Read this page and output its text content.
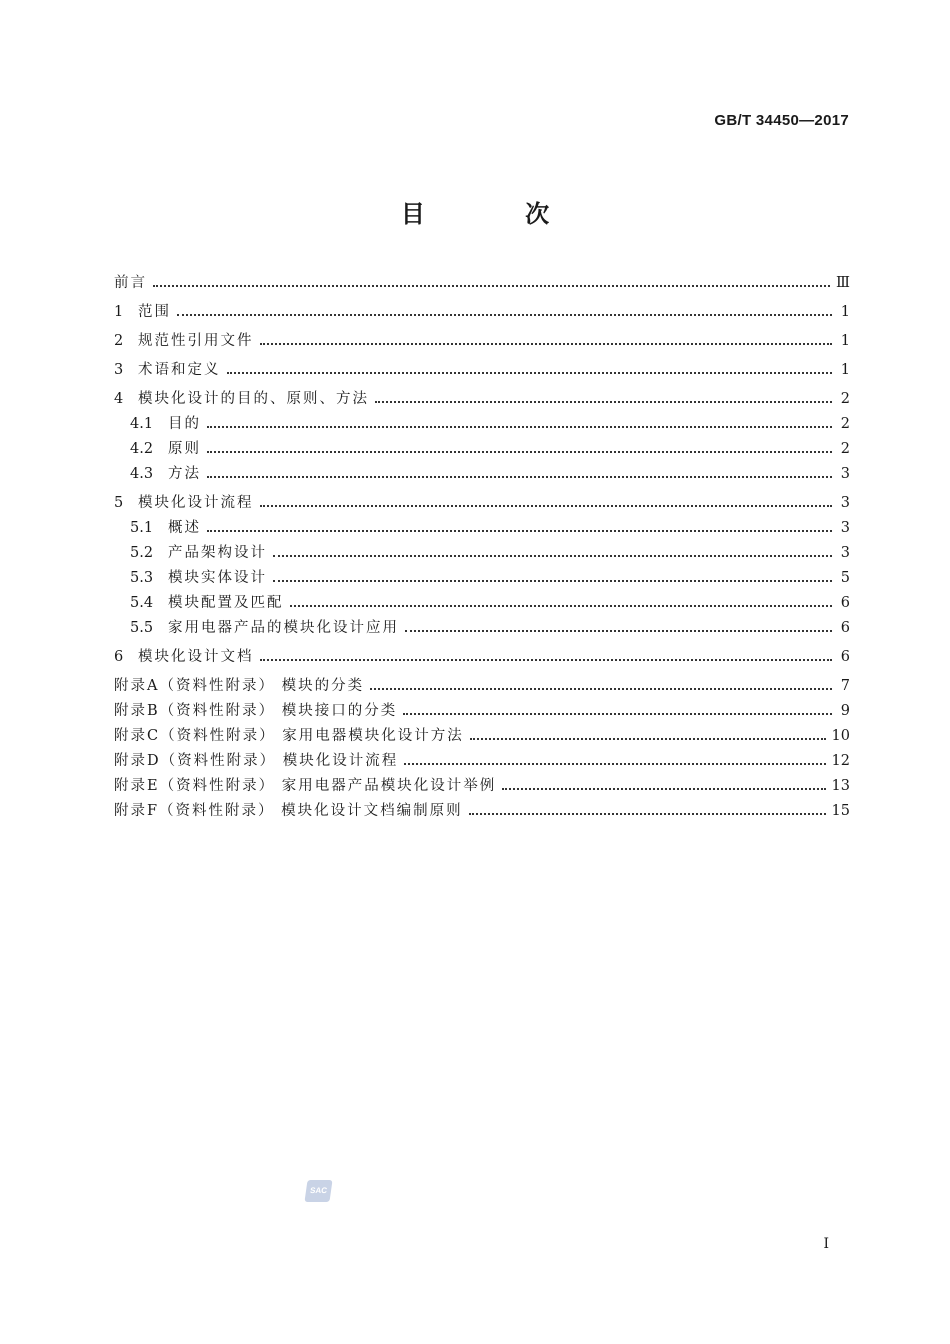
GB/T 34450—2017
目 次
前言	Ⅲ
1	范围	1
2	规范性引用文件	1
3	术语和定义	1
4	模块化设计的目的、原则、方法	2
4.1	目的	2
4.2	原则	2
4.3	方法	3
5	模块化设计流程	3
5.1	概述	3
5.2	产品架构设计	3
5.3	模块实体设计	5
5.4	模块配置及匹配	6
5.5	家用电器产品的模块化设计应用	6
6	模块化设计文档	6
附录A（资料性附录） 模块的分类	7
附录B（资料性附录） 模块接口的分类	9
附录C（资料性附录） 家用电器模块化设计方法	10
附录D（资料性附录） 模块化设计流程	12
附录E（资料性附录） 家用电器产品模块化设计举例	13
附录F（资料性附录） 模块化设计文档编制原则	15
SAC
I
